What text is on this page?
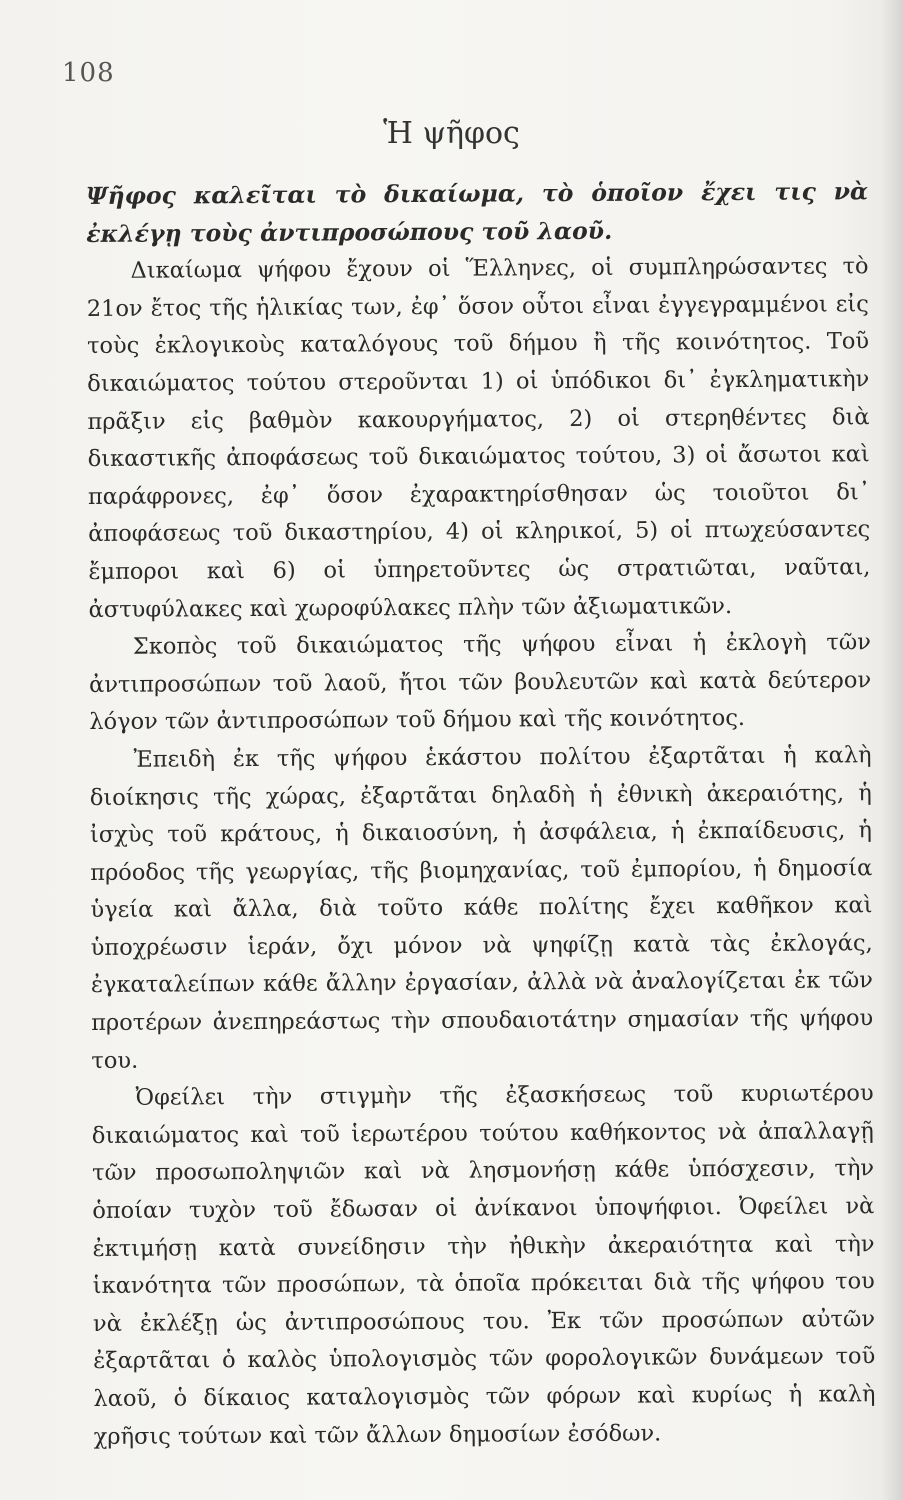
108
Ἡ ψῆφος

Ψῆφος καλεῖται τὸ δικαίωμα, τὸ ὁποῖον ἔχει τις νὰ ἐκλέγῃ τοὺς ἀντιπροσώπους τοῦ λαοῦ.

Δικαίωμα ψήφου ἔχουν οἱ Ἕλληνες, οἱ συμπληρώσαντες τὸ 21ον ἔτος τῆς ἡλικίας των, ἐφ᾽ ὅσον οὗτοι εἶναι ἐγγεγραμμένοι εἰς τοὺς ἐκλογικοὺς καταλόγους τοῦ δήμου ἢ τῆς κοινότητος. Τοῦ δικαιώματος τούτου στεροῦνται 1) οἱ ὑπόδικοι δι᾽ ἐγκληματικὴν πρᾶξιν εἰς βαθμὸν κακουργήματος, 2) οἱ στερηθέντες διὰ δικαστικῆς ἀποφάσεως τοῦ δικαιώματος τούτου, 3) οἱ ἄσωτοι καὶ παράφρονες, ἐφ᾽ ὅσον ἐχαρακτηρίσθησαν ὡς τοιοῦτοι δι᾽ ἀποφάσεως τοῦ δικαστηρίου, 4) οἱ κληρικοί, 5) οἱ πτωχεύσαντες ἔμποροι καὶ 6) οἱ ὑπηρετοῦντες ὡς στρατιῶται, ναῦται, ἀστυφύλακες καὶ χωροφύλακες πλὴν τῶν ἀξιωματικῶν.

Σκοπὸς τοῦ δικαιώματος τῆς ψήφου εἶναι ἡ ἐκλογὴ τῶν ἀντιπροσώπων τοῦ λαοῦ, ἤτοι τῶν βουλευτῶν καὶ κατὰ δεύτερον λόγον τῶν ἀντιπροσώπων τοῦ δήμου καὶ τῆς κοινότητος.

Ἐπειδὴ ἐκ τῆς ψήφου ἑκάστου πολίτου ἐξαρτᾶται ἡ καλὴ διοίκησις τῆς χώρας, ἐξαρτᾶται δηλαδὴ ἡ ἐθνικὴ ἀκεραιότης, ἡ ἰσχὺς τοῦ κράτους, ἡ δικαιοσύνη, ἡ ἀσφάλεια, ἡ ἐκπαίδευσις, ἡ πρόοδος τῆς γεωργίας, τῆς βιομηχανίας, τοῦ ἐμπορίου, ἡ δημοσία ὑγεία καὶ ἄλλα, διὰ τοῦτο κάθε πολίτης ἔχει καθῆκον καὶ ὑποχρέωσιν ἱεράν, ὄχι μόνον νὰ ψηφίζῃ κατὰ τὰς ἐκλογάς, ἐγκαταλείπων κάθε ἄλλην ἐργασίαν, ἀλλὰ νὰ ἀναλογίζεται ἐκ τῶν προτέρων ἀνεπηρεάστως τὴν σπουδαιοτάτην σημασίαν τῆς ψήφου του.

Ὀφείλει τὴν στιγμὴν τῆς ἐξασκήσεως τοῦ κυριωτέρου δικαιώματος καὶ τοῦ ἱερωτέρου τούτου καθήκοντος νὰ ἀπαλλαγῇ τῶν προσωποληψιῶν καὶ νὰ λησμονήσῃ κάθε ὑπόσχεσιν, τὴν ὁποίαν τυχὸν τοῦ ἔδωσαν οἱ ἀνίκανοι ὑποψήφιοι. Ὀφείλει νὰ ἐκτιμήσῃ κατὰ συνείδησιν τὴν ἠθικὴν ἀκεραιότητα καὶ τὴν ἱκανότητα τῶν προσώπων, τὰ ὁποῖα πρόκειται διὰ τῆς ψήφου του νὰ ἐκλέξῃ ὡς ἀντιπροσώπους του. Ἐκ τῶν προσώπων αὐτῶν ἐξαρτᾶται ὁ καλὸς ὑπολογισμὸς τῶν φορολογικῶν δυνάμεων τοῦ λαοῦ, ὁ δίκαιος καταλογισμὸς τῶν φόρων καὶ κυρίως ἡ καλὴ χρῆσις τούτων καὶ τῶν ἄλλων δημοσίων ἐσόδων.
